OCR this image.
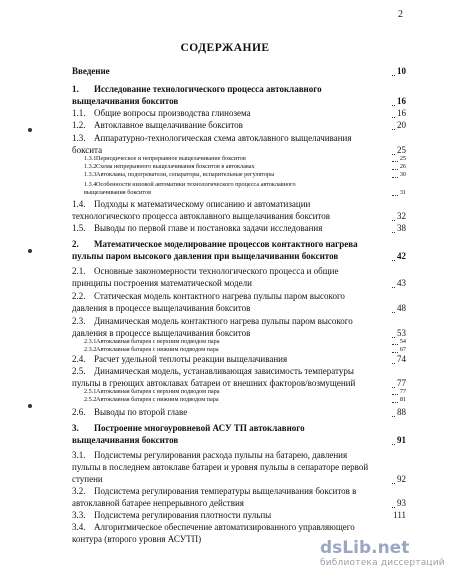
2
СОДЕРЖАНИЕ
Введение	10
1. Исследование технологического процесса автоклавного
выщелачивания бокситов	16
1.1. Общие вопросы производства глинозема	16
1.2. Автоклавное выщелачивание бокситов	20
1.3. Аппаратурно-технологическая схема автоклавного выщелачивания
боксита	25
1.3.1 Периодическое и непрерывное выщелачивание бокситов	25
1.3.2 Схема непрерывного выщелачивания бокситов в автоклавах	26
1.3.3 Автоклавы, подогреватели, сепараторы, испарительные регуляторы	30
1.3.4 Особенности низовой автоматики технологического процесса автоклавного
выщелачивания бокситов	31
1.4. Подходы к математическому описанию и автоматизации
технологического процесса автоклавного выщелачивания бокситов	32
1.5. Выводы по первой главе и постановка задачи исследования	38
2. Математическое моделирование процессов контактного нагрева
пульпы паром высокого давления при выщелачивании бокситов	42
2.1. Основные закономерности технологического процесса и общие
принципы построения математической модели	43
2.2. Статическая модель контактного нагрева пульпы паром высокого
давления в процессе выщелачивания бокситов	48
2.3. Динамическая модель контактного нагрева пульпы паром высокого
давления в процессе выщелачивания бокситов	53
2.3.1 Автоклавная батарея с верхним подводом пара	54
2.3.2 Автоклавная батарея с нижним подводом пара	67
2.4. Расчет удельной теплоты реакции выщелачивания	74
2.5. Динамическая модель, устанавливающая зависимость температуры
пульпы в греющих автоклавах батареи от внешних факторов/возмущений	77
2.5.1 Автоклавная батарея с верхним подводом пара	77
2.5.2 Автоклавная батарея с нижним подводом пара	81
2.6. Выводы по второй главе	88
3. Построение многоуровневой АСУ ТП автоклавного
выщелачивания бокситов	91
3.1. Подсистемы регулирования расхода пульпы на батарею, давления
пульпы в последнем автоклаве батареи и уровня пульпы в сепараторе первой
ступени	92
3.2. Подсистема регулирования температуры выщелачивания бокситов в
автоклавной батарее непрерывного действия	93
3.3. Подсистема регулирования плотности пульпы	111
3.4. Алгоритмическое обеспечение автоматизированного управляющего
контура (второго уровня АСУТП)	dsLib.net
библиотека диссертаций
